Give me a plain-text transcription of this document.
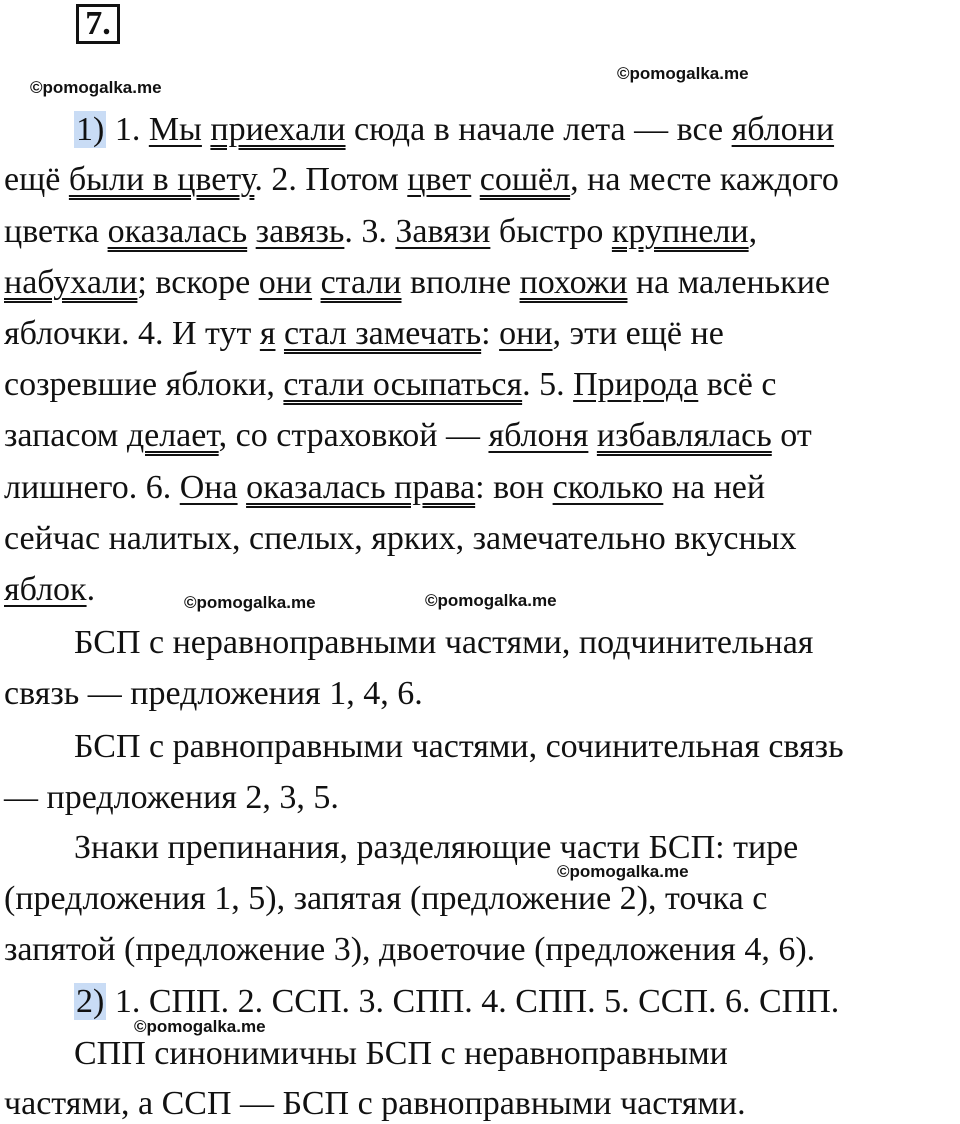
7.
©pomogalka.me
©pomogalka.me
©pomogalka.me	©pomogalka.me
©pomogalka.me
©pomogalka.me
1) 1. Мы приехали сюда в начале лета — все яблони
ещё были в цвету. 2. Потом цвет сошёл, на месте каждого
цветка оказалась завязь. 3. Завязи быстро крупнели,
набухали; вскоре они стали вполне похожи на маленькие
яблочки. 4. И тут я стал замечать: они, эти ещё не
созревшие яблоки, стали осыпаться. 5. Природа всё с
запасом делает, со страховкой — яблоня избавлялась от
лишнего. 6. Она оказалась права: вон сколько на ней
сейчас налитых, спелых, ярких, замечательно вкусных
яблок.
БСП с неравноправными частями, подчинительная
связь — предложения 1, 4, 6.
БСП с равноправными частями, сочинительная связь
— предложения 2, 3, 5.
Знаки препинания, разделяющие части БСП: тире
(предложения 1, 5), запятая (предложение 2), точка с
запятой (предложение 3), двоеточие (предложения 4, 6).
2) 1. СПП. 2. ССП. 3. СПП. 4. СПП. 5. ССП. 6. СПП.
СПП синонимичны БСП с неравноправными
частями, а ССП — БСП с равноправными частями.
